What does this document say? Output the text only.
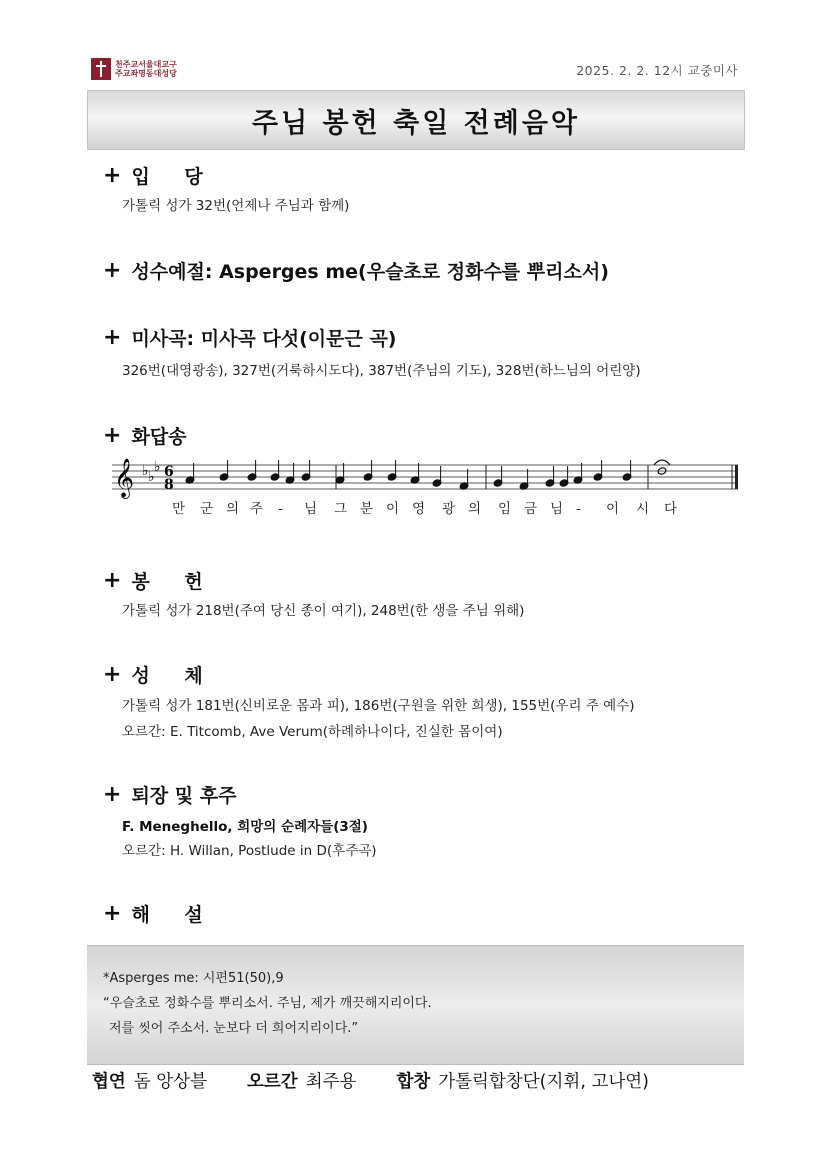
천주교서울대교구
주교좌명동대성당	2025. 2. 2. 12시 교중미사
주님 봉헌 축일 전례음악
+ 입 당
가톨릭 성가 32번(언제나 주님과 함께)
+ 성수예절: Asperges me(우슬초로 정화수를 뿌리소서)
+ 미사곡: 미사곡 다섯(이문근 곡)
326번(대영광송), 327번(거룩하시도다), 387번(주님의 기도), 328번(하느님의 어린양)
+ 화답송
𝄞 ♭ ♭
♭ 6
8
만 군 의 주 - 님 그 분 이 영 광 의 임 금 님 - 이 시 다
+ 봉 헌
가톨릭 성가 218번(주여 당신 종이 여기), 248번(한 생을 주님 위해)
+ 성 체
가톨릭 성가 181번(신비로운 몸과 피), 186번(구원을 위한 희생), 155번(우리 주 예수)
오르간: E. Titcomb, Ave Verum(하례하나이다, 진실한 몸이여)
+ 퇴장 및 후주
F. Meneghello, 희망의 순례자들(3절)
오르간: H. Willan, Postlude in D(후주곡)
+ 해 설
*Asperges me: 시편51(50),9
“우슬초로 정화수를 뿌리소서. 주님, 제가 깨끗해지리이다.
저를 씻어 주소서. 눈보다 더 희어지리이다.”
협연 돔 앙상블 오르간 최주용 합창 가톨릭합창단(지휘, 고나연)
